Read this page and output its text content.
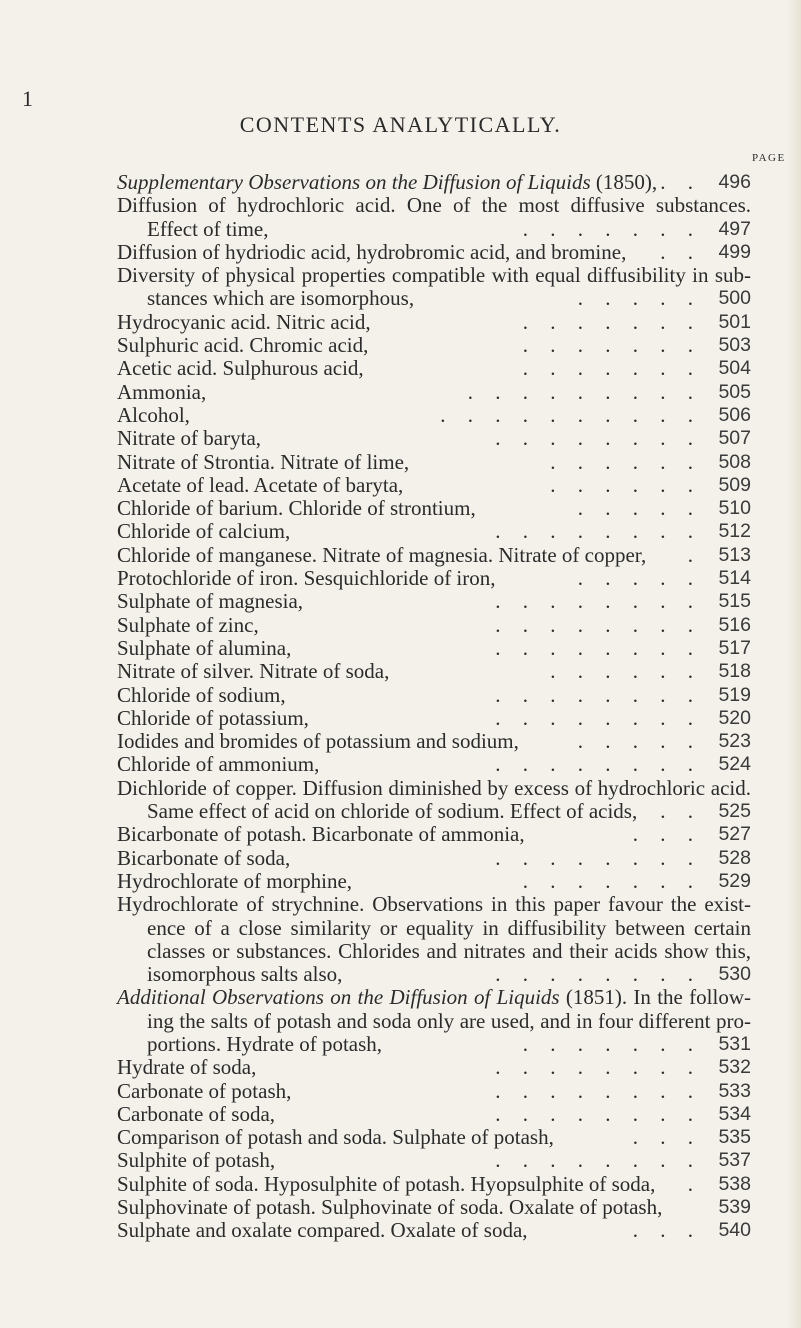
1
CONTENTS ANALYTICALLY.
PAGE
Supplementary Observations on the Diffusion of Liquids (1850), . . 496
Diffusion of hydrochloric acid. One of the most diffusive substances.
Effect of time,	. . . . . . . 497
Diffusion of hydriodic acid, hydrobromic acid, and bromine, . . 499
Diversity of physical properties compatible with equal diffusibility in sub-
stances which are isomorphous,	. . . . . 500
Hydrocyanic acid. Nitric acid,	. . . . . . . 501
Sulphuric acid. Chromic acid,	. . . . . . . 503
Acetic acid. Sulphurous acid,	. . . . . . . 504
Ammonia,	. . . . . . . . . 505
Alcohol,	. . . . . . . . . . 506
Nitrate of baryta,	. . . . . . . . 507
Nitrate of Strontia. Nitrate of lime,	. . . . . . 508
Acetate of lead. Acetate of baryta,	. . . . . . 509
Chloride of barium. Chloride of strontium,	. . . . . 510
Chloride of calcium,	. . . . . . . . 512
Chloride of manganese. Nitrate of magnesia. Nitrate of copper, . 513
Protochloride of iron. Sesquichloride of iron,	. . . . . 514
Sulphate of magnesia,	. . . . . . . . 515
Sulphate of zinc,	. . . . . . . . 516
Sulphate of alumina,	. . . . . . . . 517
Nitrate of silver. Nitrate of soda,	. . . . . . 518
Chloride of sodium,	. . . . . . . . 519
Chloride of potassium,	. . . . . . . . 520
Iodides and bromides of potassium and sodium,	. . . . . 523
Chloride of ammonium,	. . . . . . . . 524
Dichloride of copper. Diffusion diminished by excess of hydrochloric acid.
Same effect of acid on chloride of sodium. Effect of acids, . . 525
Bicarbonate of potash. Bicarbonate of ammonia,	. . . 527
Bicarbonate of soda,	. . . . . . . . 528
Hydrochlorate of morphine,	. . . . . . . 529
Hydrochlorate of strychnine. Observations in this paper favour the exist-
ence of a close similarity or equality in diffusibility between certain
classes or substances. Chlorides and nitrates and their acids show this,
isomorphous salts also,	. . . . . . . . 530
Additional Observations on the Diffusion of Liquids (1851). In the follow-
ing the salts of potash and soda only are used, and in four different pro-
portions. Hydrate of potash,	. . . . . . . 531
Hydrate of soda,	. . . . . . . . 532
Carbonate of potash,	. . . . . . . . 533
Carbonate of soda,	. . . . . . . . 534
Comparison of potash and soda. Sulphate of potash,	. . . 535
Sulphite of potash,	. . . . . . . . 537
Sulphite of soda. Hyposulphite of potash. Hyopsulphite of soda, . 538
Sulphovinate of potash. Sulphovinate of soda. Oxalate of potash,	539
Sulphate and oxalate compared. Oxalate of soda,	. . . 540
